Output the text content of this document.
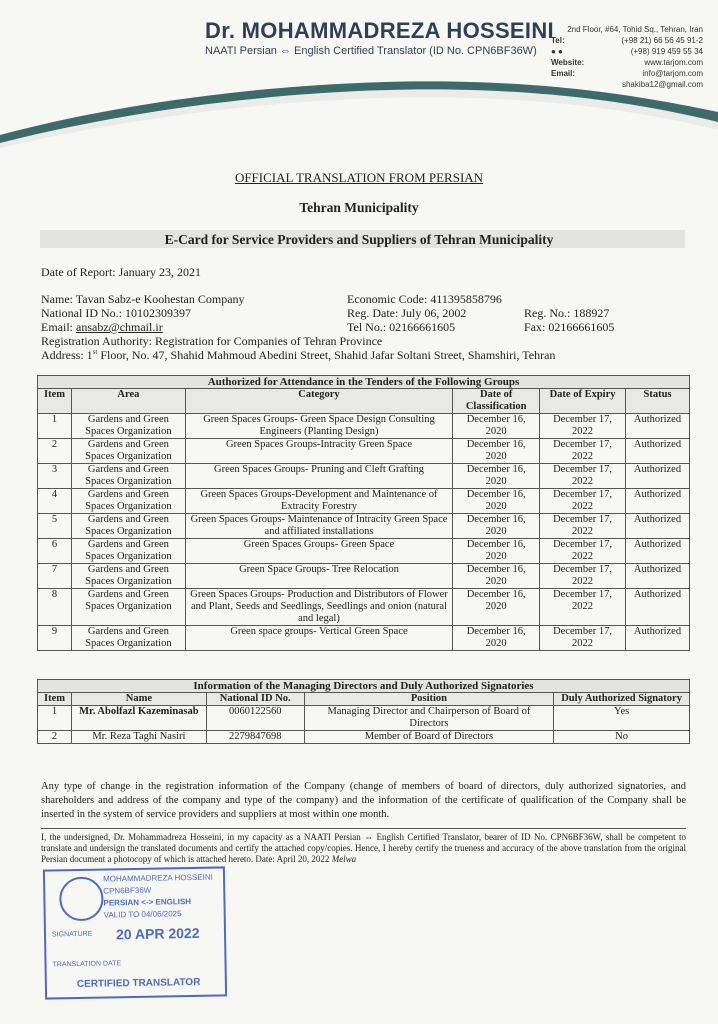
Dr. MOHAMMADREZA HOSSEINI
NAATI Persian ⇔ English Certified Translator (ID No. CPN6BF36W)
2nd Floor, #64, Tohid Sq., Tehran, Iran
Tel:	(+98 21) 66 56 45 91-2
● ●	(+98) 919 459 55 34
Website:	www.tarjom.com
Email:	info@tarjom.com
shakiba12@gmail.com
OFFICIAL TRANSLATION FROM PERSIAN
Tehran Municipality
E-Card for Service Providers and Suppliers of Tehran Municipality
Date of Report: January 23, 2021
Name: Tavan Sabz-e Koohestan Company	Economic Code: 411395858796
National ID No.: 10102309397	Reg. Date: July 06, 2002	Reg. No.: 188927
Email: ansabz@chmail.ir	Tel No.: 02166661605	Fax: 02166661605
Registration Authority: Registration for Companies of Tehran Province
Address: 1st Floor, No. 47, Shahid Mahmoud Abedini Street, Shahid Jafar Soltani Street, Shamshiri, Tehran
Authorized for Attendance in the Tenders of the Following Groups					
Item	Area	Category	Date of Classification	Date of Expiry	Status
1	Gardens and Green Spaces Organization	Green Spaces Groups- Green Space Design Consulting Engineers (Planting Design)	December 16, 2020	December 17, 2022	Authorized
2	Gardens and Green Spaces Organization	Green Spaces Groups-Intracity Green Space	December 16, 2020	December 17, 2022	Authorized
3	Gardens and Green Spaces Organization	Green Spaces Groups- Pruning and Cleft Grafting	December 16, 2020	December 17, 2022	Authorized
4	Gardens and Green Spaces Organization	Green Spaces Groups-Development and Maintenance of Extracity Forestry	December 16, 2020	December 17, 2022	Authorized
5	Gardens and Green Spaces Organization	Green Spaces Groups- Maintenance of Intracity Green Space and affiliated installations	December 16, 2020	December 17, 2022	Authorized
6	Gardens and Green Spaces Organization	Green Spaces Groups- Green Space	December 16, 2020	December 17, 2022	Authorized
7	Gardens and Green Spaces Organization	Green Space Groups- Tree Relocation	December 16, 2020	December 17, 2022	Authorized
8	Gardens and Green Spaces Organization	Green Spaces Groups- Production and Distributors of Flower and Plant, Seeds and Seedlings, Seedlings and onion (natural and legal)	December 16, 2020	December 17, 2022	Authorized
9	Gardens and Green Spaces Organization	Green space groups- Vertical Green Space	December 16, 2020	December 17, 2022	Authorized
Information of the Managing Directors and Duly Authorized Signatories				
Item	Name	National ID No.	Position	Duly Authorized Signatory
1	Mr. Abolfazl Kazeminasab	0060122560	Managing Director and Chairperson of Board of Directors	Yes
2	Mr. Reza Taghi Nasiri	2279847698	Member of Board of Directors	No
Any type of change in the registration information of the Company (change of members of board of directors, duly authorized signatories, and shareholders and address of the company and type of the company) and the information of the certificate of qualification of the Company shall be inserted in the system of service providers and suppliers at most within one month.
I, the undersigned, Dr. Mohammadreza Hosseini, in my capacity as a NAATI Persian ⇔ English Certified Translator, bearer of ID No. CPN6BF36W, shall be competent to translate and undersign the translated documents and certify the attached copy/copies. Hence, I hereby certify the trueness and accuracy of the above translation from the original Persian document a photocopy of which is attached hereto. Date: April 20, 2022 Melwa
MOHAMMADREZA HOSSEINI
CPN6BF36W
PERSIAN <-> ENGLISH
VALID TO 04/06/2025
SIGNATURE 20 APR 2022
TRANSLATION DATE
CERTIFIED TRANSLATOR
